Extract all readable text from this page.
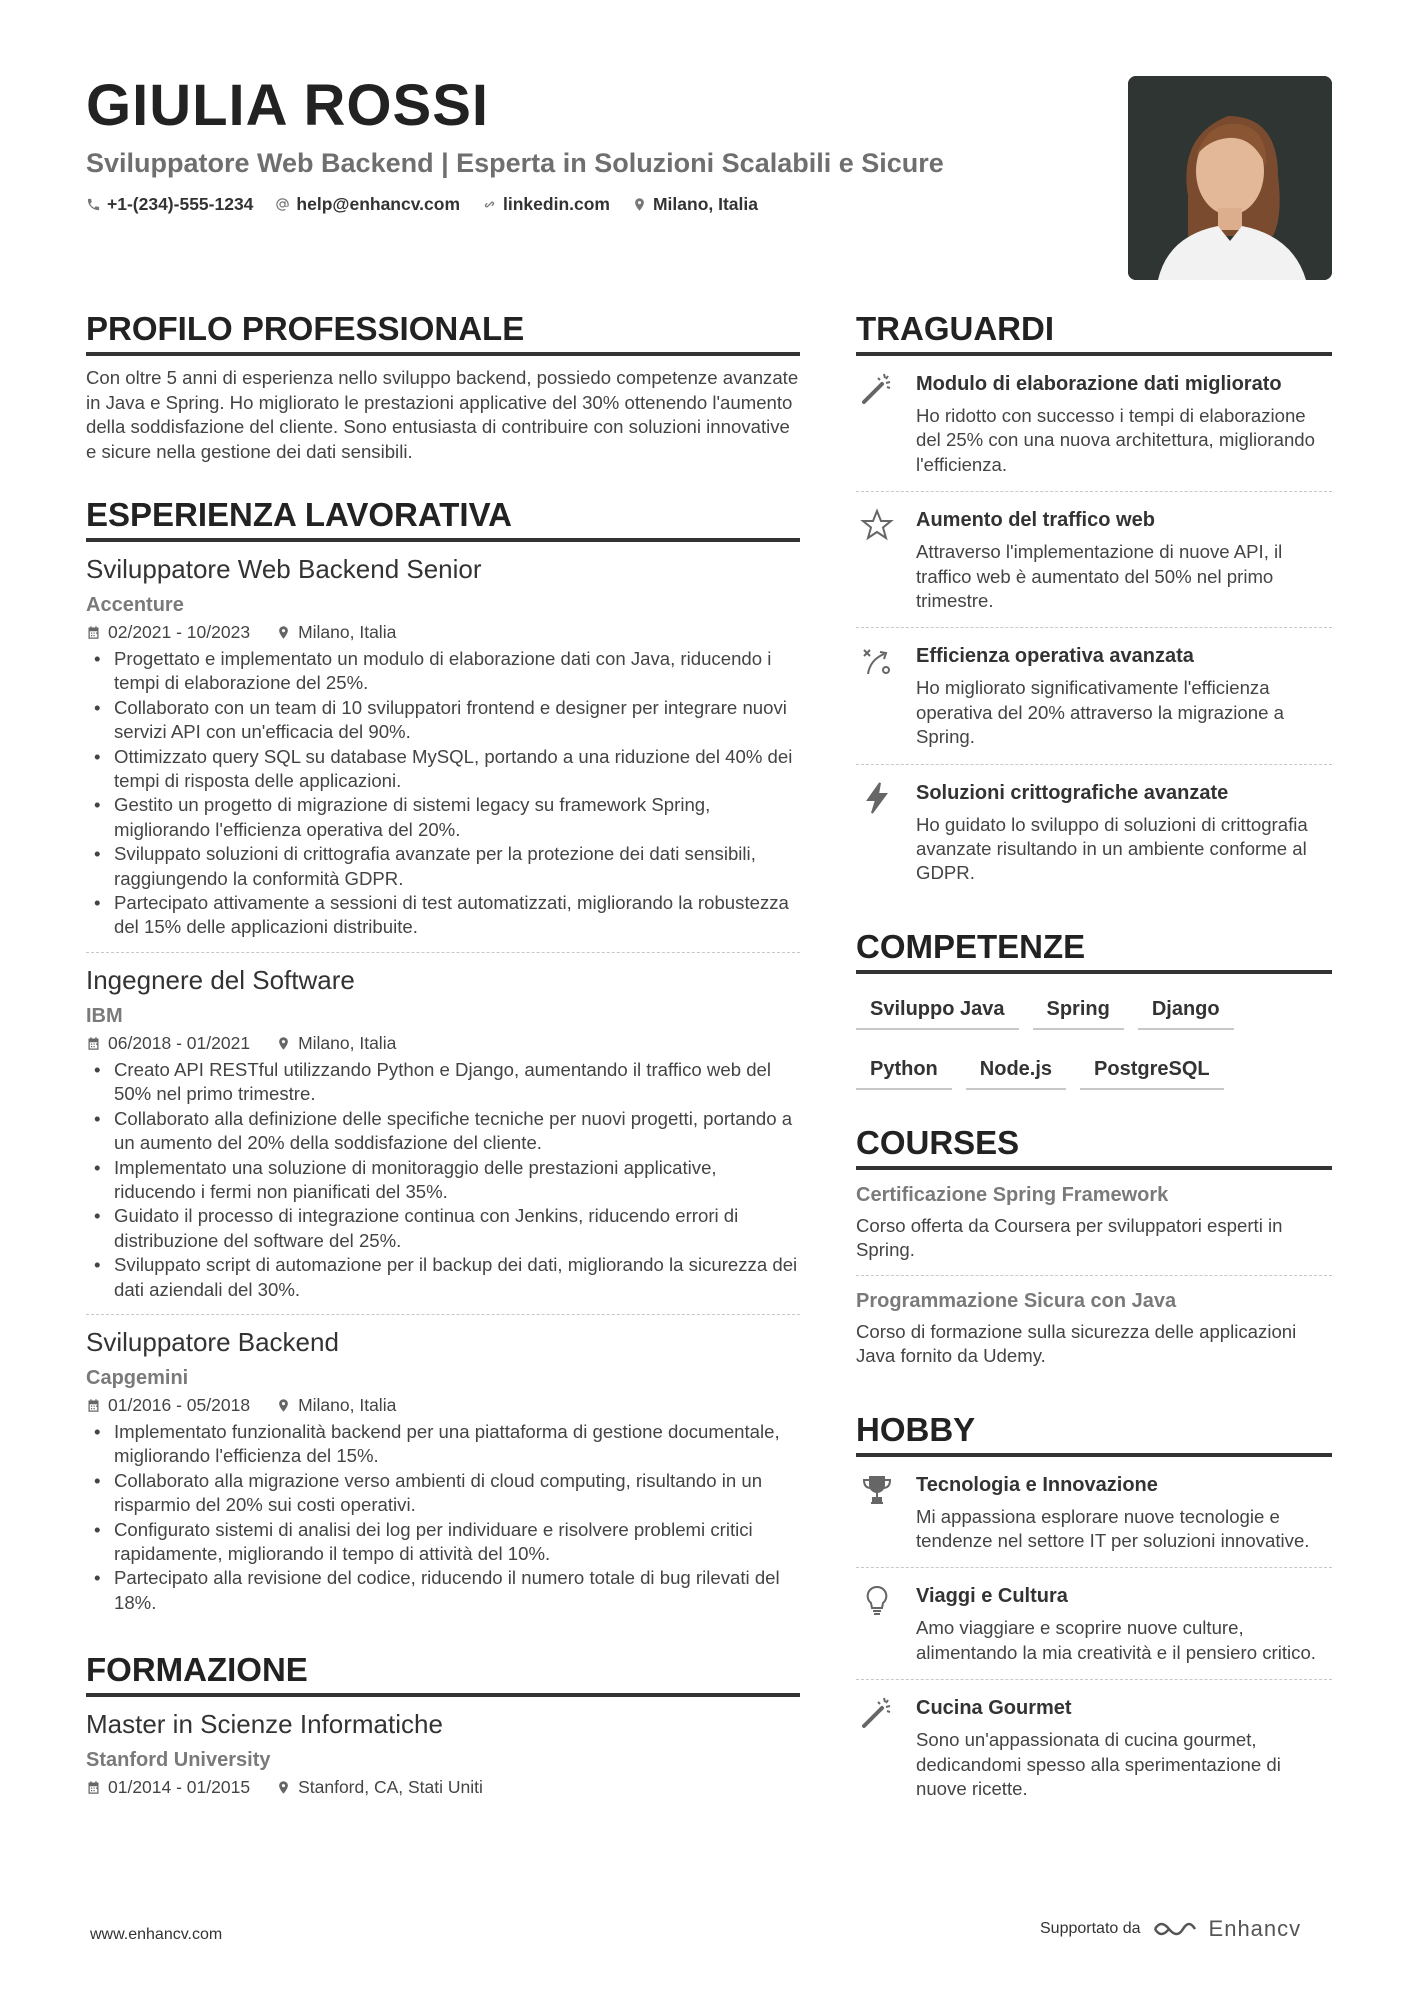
GIULIA ROSSI
Sviluppatore Web Backend | Esperta in Soluzioni Scalabili e Sicure
+1-(234)-555-1234 help@enhancv.com linkedin.com Milano, Italia
PROFILO PROFESSIONALE
Con oltre 5 anni di esperienza nello sviluppo backend, possiedo competenze avanzate in Java e Spring. Ho migliorato le prestazioni applicative del 30% ottenendo l'aumento della soddisfazione del cliente. Sono entusiasta di contribuire con soluzioni innovative e sicure nella gestione dei dati sensibili.
ESPERIENZA LAVORATIVA
Sviluppatore Web Backend Senior
Accenture
02/2021 - 10/2023	Milano, Italia
• Progettato e implementato un modulo di elaborazione dati con Java, riducendo i tempi di elaborazione del 25%.
• Collaborato con un team di 10 sviluppatori frontend e designer per integrare nuovi servizi API con un'efficacia del 90%.
• Ottimizzato query SQL su database MySQL, portando a una riduzione del 40% dei tempi di risposta delle applicazioni.
• Gestito un progetto di migrazione di sistemi legacy su framework Spring, migliorando l'efficienza operativa del 20%.
• Sviluppato soluzioni di crittografia avanzate per la protezione dei dati sensibili, raggiungendo la conformità GDPR.
• Partecipato attivamente a sessioni di test automatizzati, migliorando la robustezza del 15% delle applicazioni distribuite.
Ingegnere del Software
IBM
06/2018 - 01/2021	Milano, Italia
• Creato API RESTful utilizzando Python e Django, aumentando il traffico web del 50% nel primo trimestre.
• Collaborato alla definizione delle specifiche tecniche per nuovi progetti, portando a un aumento del 20% della soddisfazione del cliente.
• Implementato una soluzione di monitoraggio delle prestazioni applicative, riducendo i fermi non pianificati del 35%.
• Guidato il processo di integrazione continua con Jenkins, riducendo errori di distribuzione del software del 25%.
• Sviluppato script di automazione per il backup dei dati, migliorando la sicurezza dei dati aziendali del 30%.
Sviluppatore Backend
Capgemini
01/2016 - 05/2018	Milano, Italia
• Implementato funzionalità backend per una piattaforma di gestione documentale, migliorando l'efficienza del 15%.
• Collaborato alla migrazione verso ambienti di cloud computing, risultando in un risparmio del 20% sui costi operativi.
• Configurato sistemi di analisi dei log per individuare e risolvere problemi critici rapidamente, migliorando il tempo di attività del 10%.
• Partecipato alla revisione del codice, riducendo il numero totale di bug rilevati del 18%.
FORMAZIONE
Master in Scienze Informatiche
Stanford University
01/2014 - 01/2015	Stanford, CA, Stati Uniti
TRAGUARDI
Modulo di elaborazione dati migliorato
Ho ridotto con successo i tempi di elaborazione del 25% con una nuova architettura, migliorando l'efficienza.
Aumento del traffico web
Attraverso l'implementazione di nuove API, il traffico web è aumentato del 50% nel primo trimestre.
Efficienza operativa avanzata
Ho migliorato significativamente l'efficienza operativa del 20% attraverso la migrazione a Spring.
Soluzioni crittografiche avanzate
Ho guidato lo sviluppo di soluzioni di crittografia avanzate risultando in un ambiente conforme al GDPR.
COMPETENZE
Sviluppo Java	Spring	Django
Python	Node.js	PostgreSQL
COURSES
Certificazione Spring Framework
Corso offerta da Coursera per sviluppatori esperti in Spring.
Programmazione Sicura con Java
Corso di formazione sulla sicurezza delle applicazioni Java fornito da Udemy.
HOBBY
Tecnologia e Innovazione
Mi appassiona esplorare nuove tecnologie e tendenze nel settore IT per soluzioni innovative.
Viaggi e Cultura
Amo viaggiare e scoprire nuove culture, alimentando la mia creatività e il pensiero critico.
Cucina Gourmet
Sono un'appassionata di cucina gourmet, dedicandomi spesso alla sperimentazione di nuove ricette.
www.enhancv.com	Supportato da	Enhancv
